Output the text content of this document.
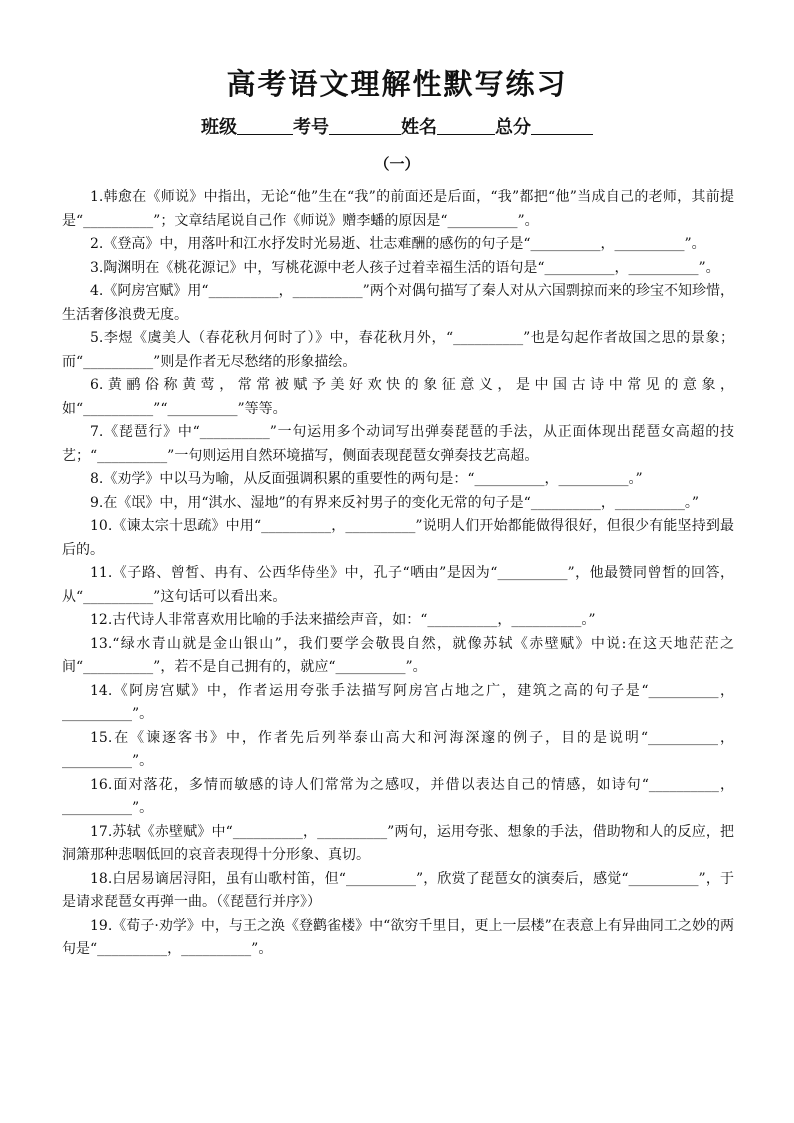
高考语文理解性默写练习
班级	考号	姓名	总分
（一）

1.韩愈在《师说》中指出，无论“他”生在“我”的前面还是后面，“我”都把“他”当成自己的老师，其前提是“__________”；文章结尾说自己作《师说》赠李蟠的原因是“__________”。

2.《登高》中，用落叶和江水抒发时光易逝、壮志难酬的感伤的句子是“__________，__________”。

3.陶渊明在《桃花源记》中，写桃花源中老人孩子过着幸福生活的语句是“__________，__________”。

4.《阿房宫赋》用“__________，__________”两个对偶句描写了秦人对从六国剽掠而来的珍宝不知珍惜，生活奢侈浪费无度。

5.李煜《虞美人（春花秋月何时了）》中，春花秋月外，“__________”也是勾起作者故国之思的景象；而“__________”则是作者无尽愁绪的形象描绘。

6.黄鹂俗称黄莺，常常被赋予美好欢快的象征意义，是中国古诗中常见的意象，如“__________”“__________”等等。

7.《琵琶行》中“__________”一句运用多个动词写出弹奏琵琶的手法，从正面体现出琵琶女高超的技艺；“__________”一句则运用自然环境描写，侧面表现琵琶女弹奏技艺高超。

8.《劝学》中以马为喻，从反面强调积累的重要性的两句是：“__________，__________。”

9.在《氓》中，用“淇水、湿地”的有界来反衬男子的变化无常的句子是“__________，__________。”

10.《谏太宗十思疏》中用“__________，__________”说明人们开始都能做得很好，但很少有能坚持到最后的。

11.《子路、曾皙、冉有、公西华侍坐》中，孔子“哂由”是因为“__________”，他最赞同曾皙的回答，从“__________”这句话可以看出来。

12.古代诗人非常喜欢用比喻的手法来描绘声音，如：“__________，__________。”

13.“绿水青山就是金山银山”，我们要学会敬畏自然，就像苏轼《赤壁赋》中说:在这天地茫茫之间“__________”，若不是自己拥有的，就应“__________”。

14.《阿房宫赋》中，作者运用夸张手法描写阿房宫占地之广，建筑之高的句子是“__________，__________”。

15.在《谏逐客书》中，作者先后列举泰山高大和河海深邃的例子，目的是说明“__________，__________”。

16.面对落花，多情而敏感的诗人们常常为之感叹，并借以表达自己的情感，如诗句“__________，__________”。

17.苏轼《赤壁赋》中“__________，__________”两句，运用夸张、想象的手法，借助物和人的反应，把洞箫那种悲咽低回的哀音表现得十分形象、真切。

18.白居易谪居浔阳，虽有山歌村笛，但“__________”，欣赏了琵琶女的演奏后，感觉“__________”，于是请求琵琶女再弹一曲。（《琵琶行并序》）

19.《荀子·劝学》中，与王之涣《登鹳雀楼》中“欲穷千里目，更上一层楼”在表意上有异曲同工之妙的两句是“__________，__________”。
